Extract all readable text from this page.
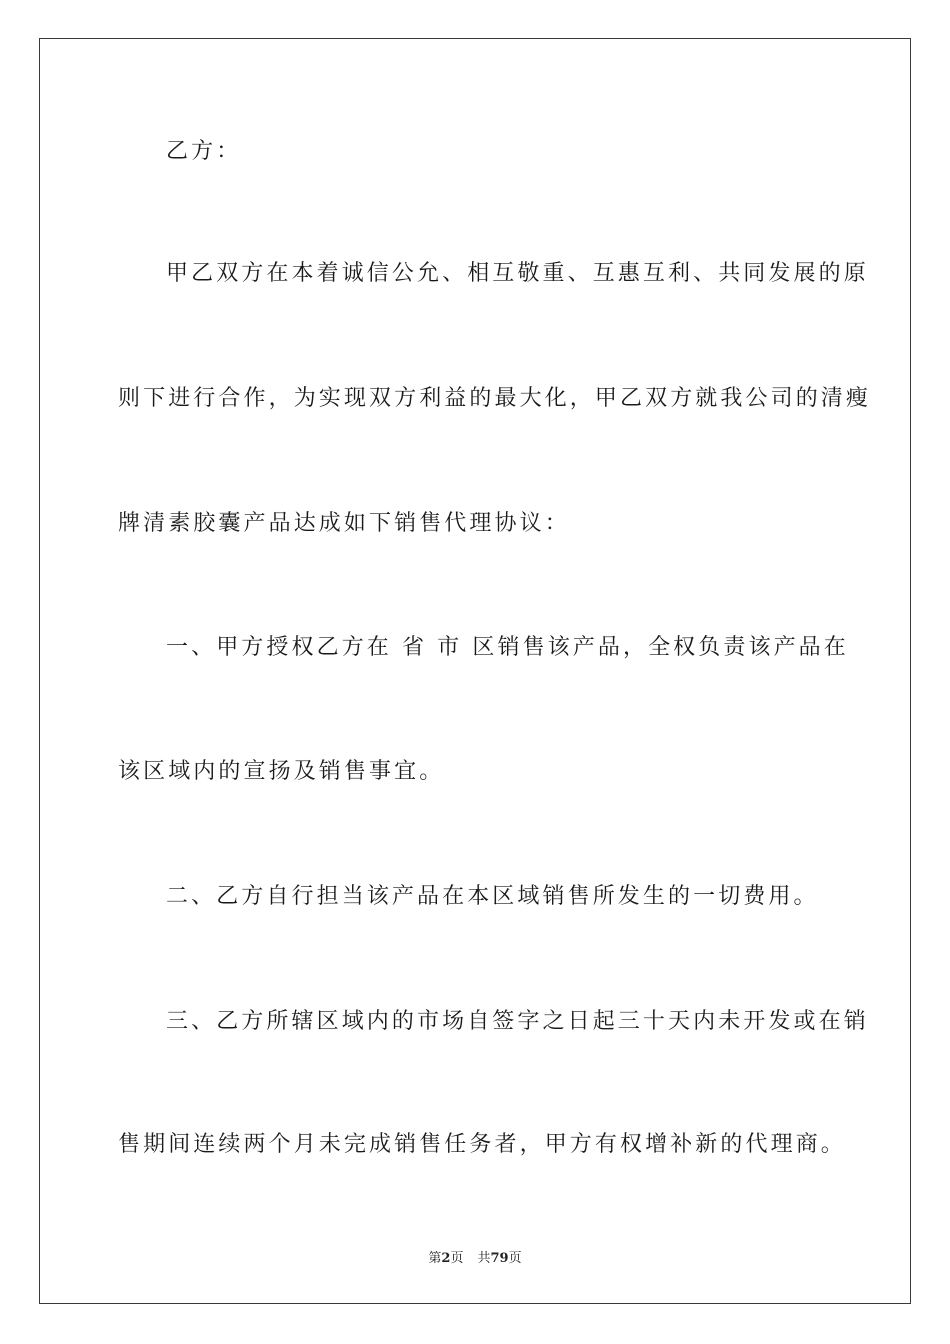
乙方：
甲乙双方在本着诚信公允、相互敬重、互惠互利、共同发展的原
则下进行合作，为实现双方利益的最大化，甲乙双方就我公司的清瘦
牌清素胶囊产品达成如下销售代理协议：
一、甲方授权乙方在 省 市 区销售该产品，全权负责该产品在
该区域内的宣扬及销售事宜。
二、乙方自行担当该产品在本区域销售所发生的一切费用。
三、乙方所辖区域内的市场自签字之日起三十天内未开发或在销
售期间连续两个月未完成销售任务者，甲方有权增补新的代理商。
第2页 共79页
